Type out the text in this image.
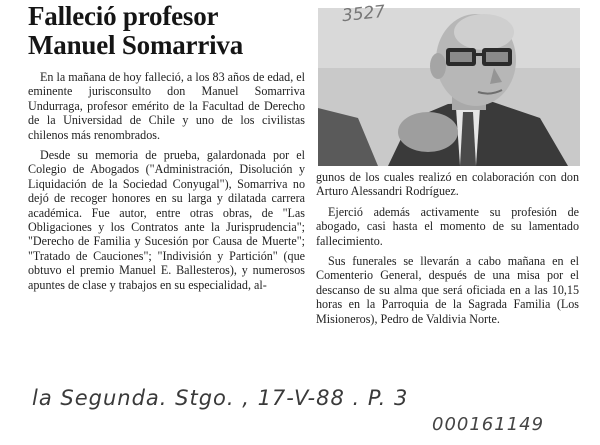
Falleció profesor
Manuel Somarriva

En la mañana de hoy falleció, a los 83 años de edad, el eminente jurisconsulto don Manuel Somarriva Undurraga, profesor emérito de la Facultad de Derecho de la Universidad de Chile y uno de los civilistas chilenos más renombrados.

Desde su memoria de prueba, galardonada por el Colegio de Abogados ("Administración, Disolución y Liquidación de la Sociedad Conyugal"), Somarriva no dejó de recoger honores en su larga y dilatada carrera académica. Fue autor, entre otras obras, de "Las Obligaciones y los Contratos ante la Jurisprudencia"; "Derecho de Familia y Sucesión por Causa de Muerte"; "Tratado de Cauciones"; "Indivisión y Partición" (que obtuvo el premio Manuel E. Ballesteros), y numerosos apuntes de clase y trabajos en su especialidad, al-

gunos de los cuales realizó en colaboración con don Arturo Alessandri Rodríguez.

Ejerció además activamente su profesión de abogado, casi hasta el momento de su lamentado fallecimiento.

Sus funerales se llevarán a cabo mañana en el Comenterio General, después de una misa por el descanso de su alma que será oficiada en a las 10,15 horas en la Parroquia de la Sagrada Familia (Los Misioneros), Pedro de Valdivia Norte.

3527
la Segunda. Stgo. , 17-V-88 . P. 3
000161149
